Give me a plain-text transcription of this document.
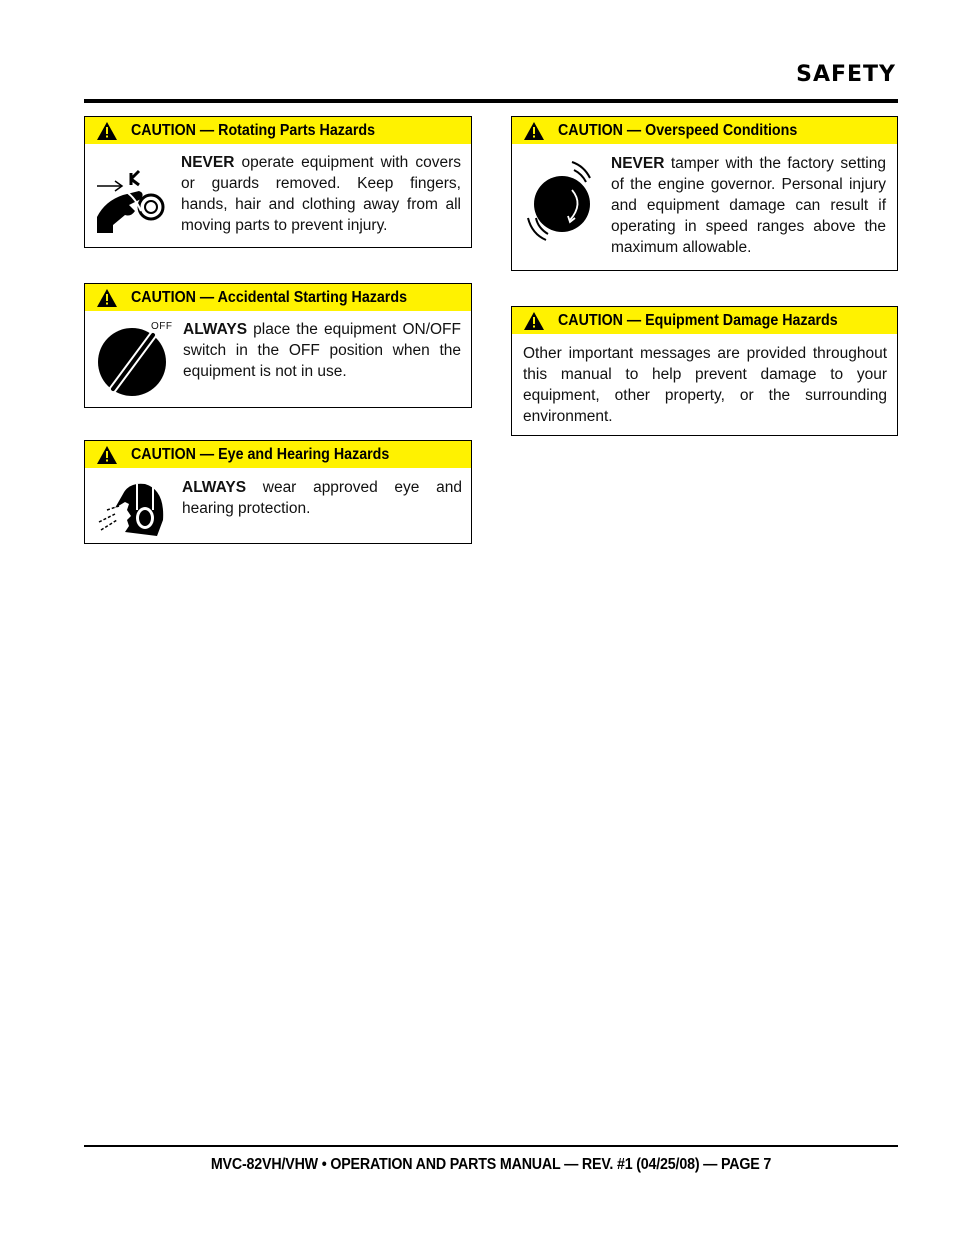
SAFETY
CAUTION — Rotating Parts Hazards
NEVER operate equipment with covers or guards removed. Keep fingers, hands, hair and clothing away from all moving parts to prevent injury.
CAUTION — Accidental Starting Hazards
OFF ALWAYS place the equipment ON/OFF switch in the OFF position when the equipment is not in use.
CAUTION — Eye and Hearing Hazards
ALWAYS wear approved eye and hearing protection.
CAUTION — Overspeed Conditions
NEVER tamper with the factory setting of the engine governor. Personal injury and equipment damage can result if operating in speed ranges above the maximum allowable.
CAUTION — Equipment Damage Hazards
Other important messages are provided throughout this manual to help prevent damage to your equipment, other property, or the surrounding environment.
MVC-82VH/VHW • OPERATION AND PARTS MANUAL — REV. #1 (04/25/08) — PAGE 7
